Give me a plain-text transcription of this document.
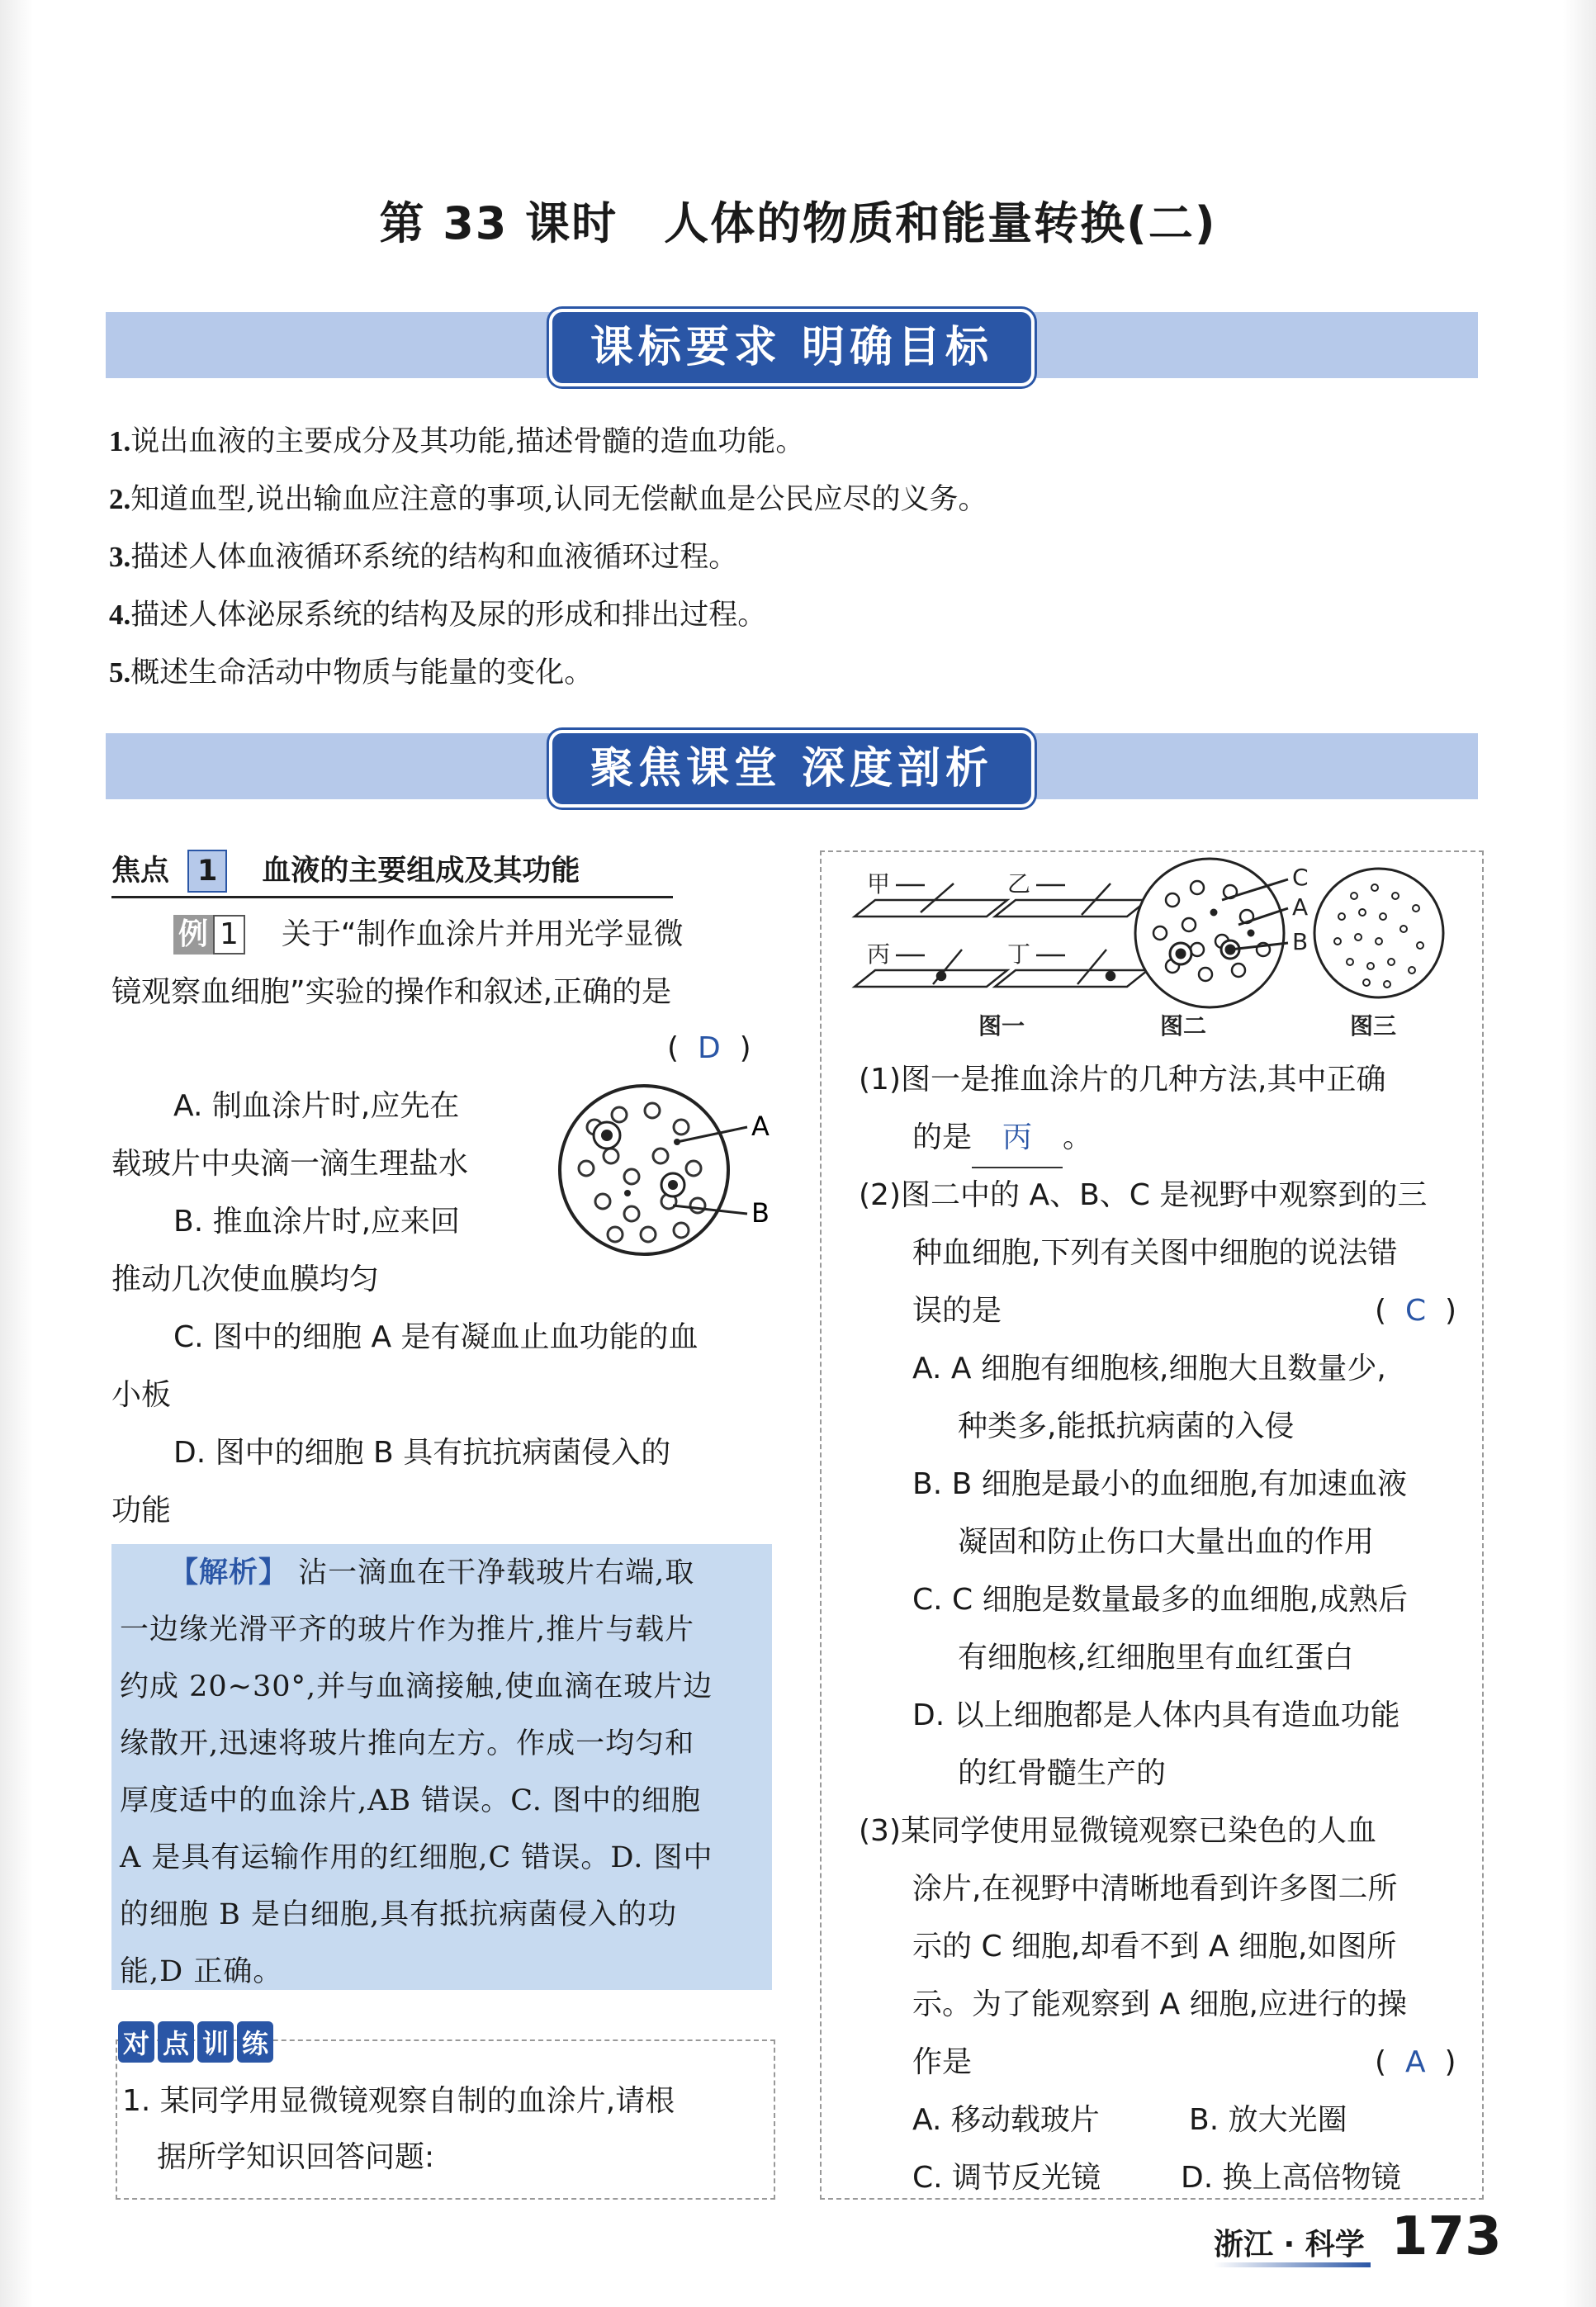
第 33 课时　人体的物质和能量转换(二)
课标要求 明确目标
1.说出血液的主要成分及其功能,描述骨髓的造血功能。
2.知道血型,说出输血应注意的事项,认同无偿献血是公民应尽的义务。
3.描述人体血液循环系统的结构和血液循环过程。
4.描述人体泌尿系统的结构及尿的形成和排出过程。
5.概述生命活动中物质与能量的变化。
聚焦课堂 深度剖析
焦点 1 血液的主要组成及其功能
例 1 关于“制作血涂片并用光学显微
镜观察血细胞”实验的操作和叙述,正确的是
( D )
A. 制血涂片时,应先在
载玻片中央滴一滴生理盐水
B. 推血涂片时,应来回
推动几次使血膜均匀
C. 图中的细胞 A 是有凝血止血功能的血
小板
D. 图中的细胞 B 具有抗抗病菌侵入的
功能
A
B
【解析】 沾一滴血在干净载玻片右端,取
一边缘光滑平齐的玻片作为推片,推片与载片
约成 20~30°,并与血滴接触,使血滴在玻片边
缘散开,迅速将玻片推向左方。作成一均匀和
厚度适中的血涂片,AB 错误。C. 图中的细胞
A 是具有运输作用的红细胞,C 错误。D. 图中
的细胞 B 是白细胞,具有抵抗病菌侵入的功
能,D 正确。
对 点 训 练
1. 某同学用显微镜观察自制的血涂片,请根
据所学知识回答问题:
甲
丙
乙
丁
图一
C
A
B
图二	图三
(1)图一是推血涂片的几种方法,其中正确
的是 丙 。
(2)图二中的 A、B、C 是视野中观察到的三
种血细胞,下列有关图中细胞的说法错
误的是	(  C  )
A. A 细胞有细胞核,细胞大且数量少,
种类多,能抵抗病菌的入侵
B. B 细胞是最小的血细胞,有加速血液
凝固和防止伤口大量出血的作用
C. C 细胞是数量最多的血细胞,成熟后
有细胞核,红细胞里有血红蛋白
D. 以上细胞都是人体内具有造血功能
的红骨髓生产的
(3)某同学使用显微镜观察已染色的人血
涂片,在视野中清晰地看到许多图二所
示的 C 细胞,却看不到 A 细胞,如图所
示。为了能观察到 A 细胞,应进行的操
作是	(  A  )
A. 移动载玻片	B. 放大光圈
C. 调节反光镜	D. 换上高倍物镜
浙江 · 科学 173
